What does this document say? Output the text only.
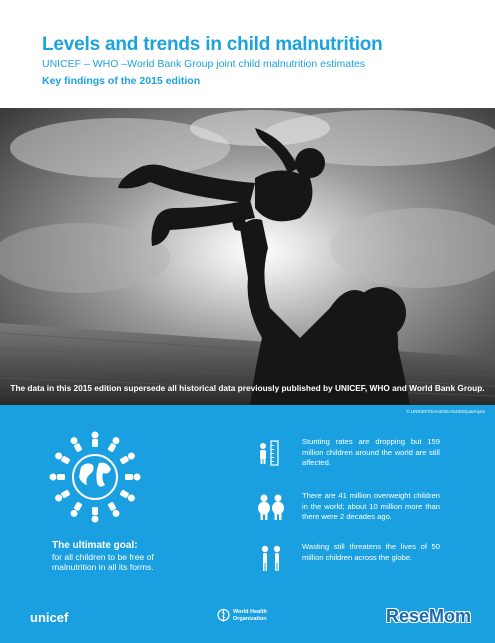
Levels and trends in child malnutrition
UNICEF – WHO –World Bank Group joint child malnutrition estimates
Key findings of the 2015 edition
The data in this 2015 edition supersede all historical data previously published by UNICEF, WHO and World Bank Group.
© UNICEF/GHA2015-01439/Quarmyne
The ultimate goal:
for all children to be free of malnutrition in all its forms.
Stunting rates are dropping but 159 million children around the world are still affected.
There are 41 million overweight children in the world; about 10 million more than there were 2 decades ago.
Wasting still threatens the lives of 50 million children across the globe.
unicef	World Health
Organization	ReseMom
